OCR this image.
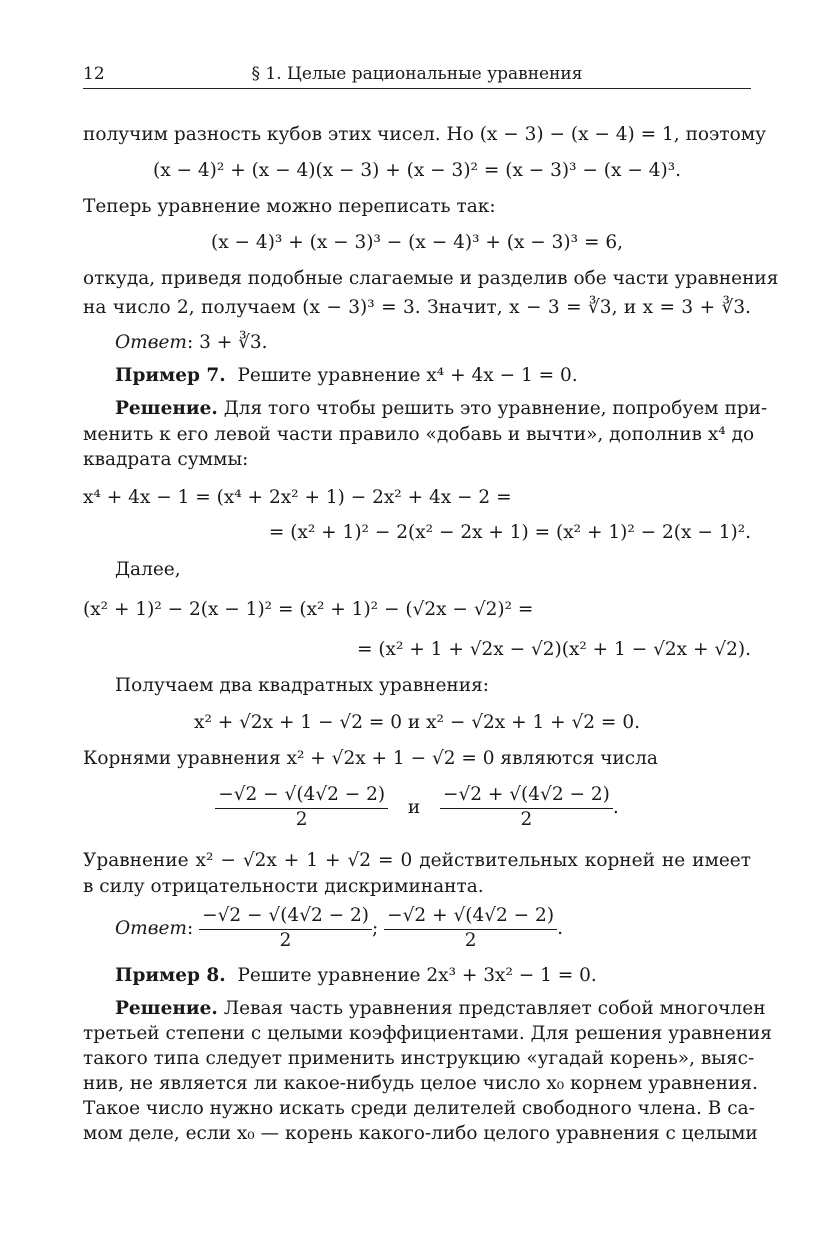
12	§ 1. Целые рациональные уравнения
получим разность кубов этих чисел. Но (x − 3) − (x − 4) = 1, поэтому
(x − 4)² + (x − 4)(x − 3) + (x − 3)² = (x − 3)³ − (x − 4)³.
Теперь уравнение можно переписать так:
(x − 4)³ + (x − 3)³ − (x − 4)³ + (x − 3)³ = 6,
откуда, приведя подобные слагаемые и разделив обе части уравнения
на число 2, получаем (x − 3)³ = 3. Значит, x − 3 = ∛3, и x = 3 + ∛3.
Ответ: 3 + ∛3.
Пример 7. Решите уравнение x⁴ + 4x − 1 = 0.
Решение. Для того чтобы решить это уравнение, попробуем при-
менить к его левой части правило «добавь и вычти», дополнив x⁴ до
квадрата суммы:
x⁴ + 4x − 1 = (x⁴ + 2x² + 1) − 2x² + 4x − 2 =
= (x² + 1)² − 2(x² − 2x + 1) = (x² + 1)² − 2(x − 1)².
Далее,
(x² + 1)² − 2(x − 1)² = (x² + 1)² − (√2x − √2)² =
= (x² + 1 + √2x − √2)(x² + 1 − √2x + √2).
Получаем два квадратных уравнения:
x² + √2x + 1 − √2 = 0 и x² − √2x + 1 + √2 = 0.
Корнями уравнения x² + √2x + 1 − √2 = 0 являются числа
$\frac{-√2 - √(4√2 - 2)}{2}$ и $\frac{-√2 + √(4√2 - 2)}{2}$ .
Уравнение x² − √2x + 1 + √2 = 0 действительных корней не имеет
в силу отрицательности дискриминанта.
Ответ: $\frac{-√2 - √(4√2 - 2)}{2}$ ; $\frac{-√2 + √(4√2 - 2)}{2}$ .
Пример 8. Решите уравнение 2x³ + 3x² − 1 = 0.
Решение. Левая часть уравнения представляет собой многочлен
третьей степени с целыми коэффициентами. Для решения уравнения
такого типа следует применить инструкцию «угадай корень», выяс-
нив, не является ли какое-нибудь целое число x₀ корнем уравнения.
Такое число нужно искать среди делителей свободного члена. В са-
мом деле, если x₀ — корень какого-либо целого уравнения с целыми
